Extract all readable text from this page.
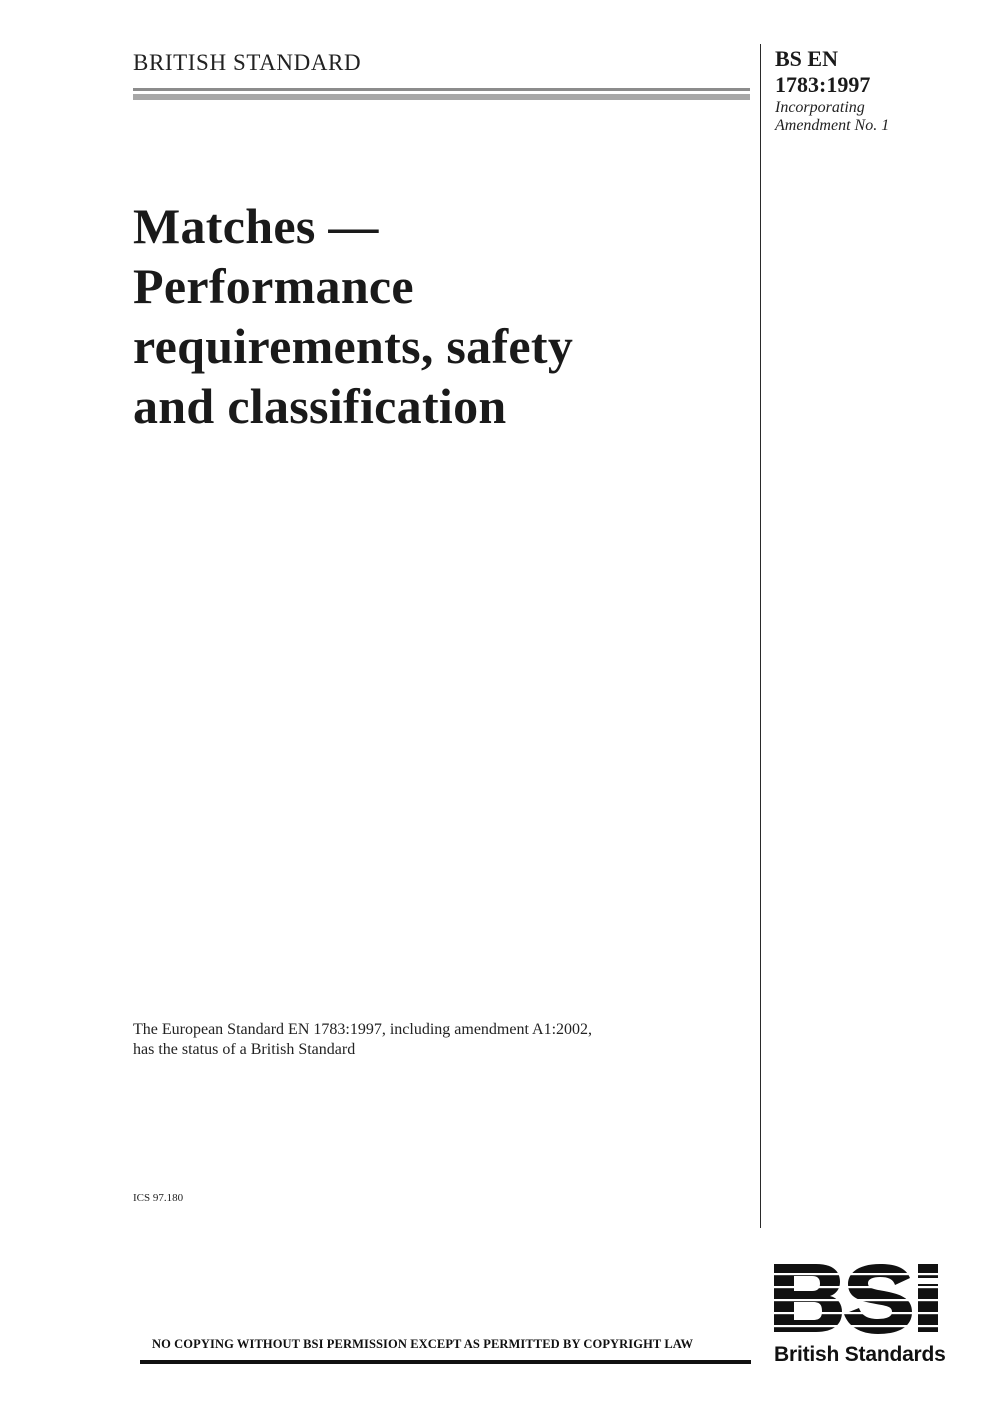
BRITISH STANDARD	BS EN
1783:1997
Incorporating
Amendment No. 1
Matches —
Performance
requirements, safety
and classification
The European Standard EN 1783:1997, including amendment A1:2002,
has the status of a British Standard
ICS 97.180
NO COPYING WITHOUT BSI PERMISSION EXCEPT AS PERMITTED BY COPYRIGHT LAW	British Standards
